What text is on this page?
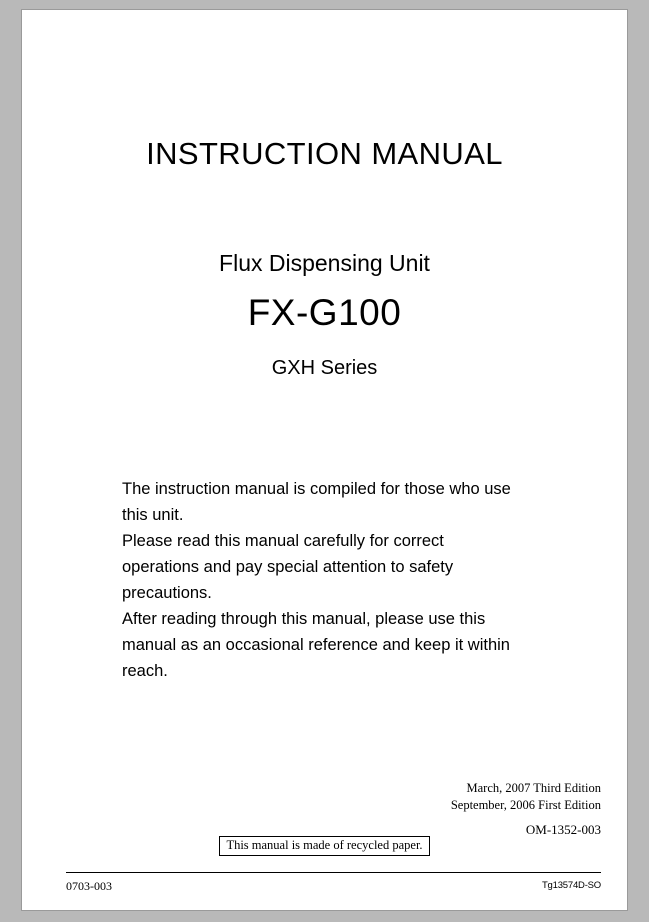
INSTRUCTION MANUAL
Flux Dispensing Unit
FX-G100
GXH Series

The instruction manual is compiled for those who use this unit.

Please read this manual carefully for correct operations and pay special attention to safety precautions.

After reading through this manual, please use this manual as an occasional reference and keep it within reach.

March, 2007 Third Edition
September, 2006 First Edition
OM-1352-003
This manual is made of recycled paper.
0703-003	Tg13574D-SO
